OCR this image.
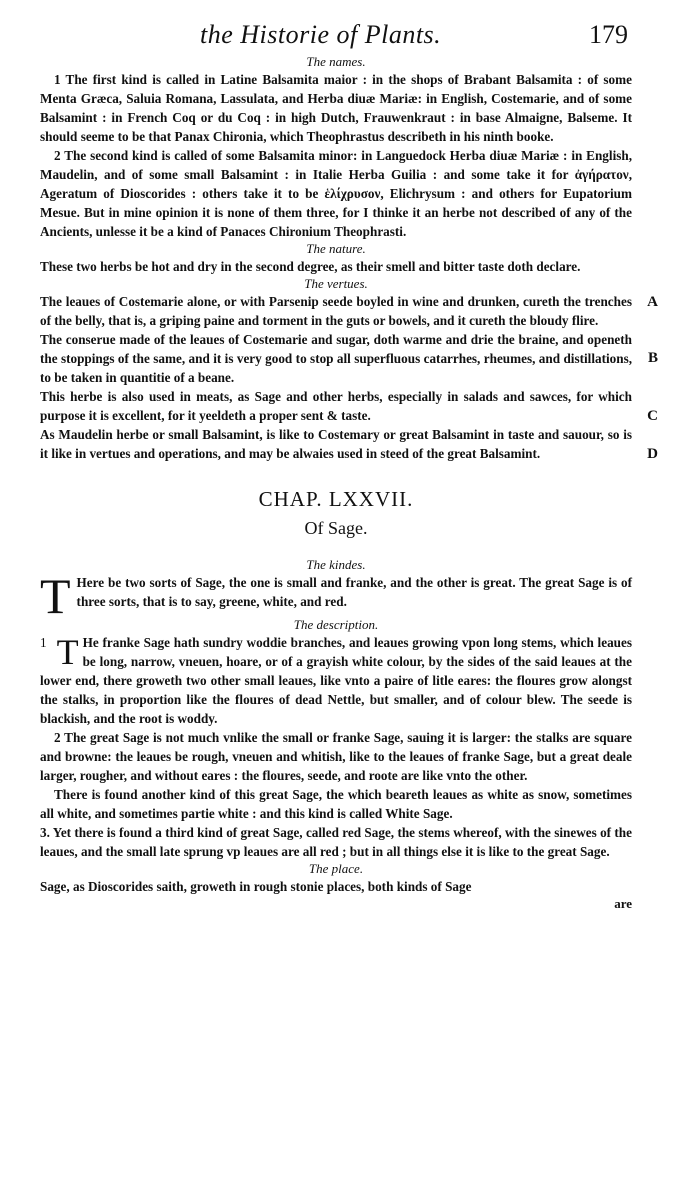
the Historie of Plants.	179
The names.

1 The first kind is called in Latine Balsamita maior : in the shops of Brabant Balsamita : of some Menta Græca, Saluia Romana, Lassulata, and Herba diuæ Mariæ: in English, Costemarie, and of some Balsamint : in French Coq or du Coq : in high Dutch, Frauwenkraut : in base Almaigne, Balseme. It should seeme to be that Panax Chironia, which Theophrastus describeth in his ninth booke.

2 The second kind is called of some Balsamita minor: in Languedock Herba diuæ Mariæ : in English, Maudelin, and of some small Balsamint : in Italie Herba Guilia : and some take it for ἀγήρατον, Ageratum of Dioscorides : others take it to be ἑλίχρυσον, Elichrysum : and others for Eupatorium Mesue. But in mine opinion it is none of them three, for I thinke it an herbe not described of any of the Ancients, unlesse it be a kind of Panaces Chironium Theophrasti.

The nature.

These two herbs be hot and dry in the second degree, as their smell and bitter taste doth declare.

The vertues.
A
B
C
D

The leaues of Costemarie alone, or with Parsenip seede boyled in wine and drunken, cureth the trenches of the belly, that is, a griping paine and torment in the guts or bowels, and it cureth the bloudy flire.

The conserue made of the leaues of Costemarie and sugar, doth warme and drie the braine, and openeth the stoppings of the same, and it is very good to stop all superfluous catarrhes, rheumes, and distillations, to be taken in quantitie of a beane.

This herbe is also used in meats, as Sage and other herbs, especially in salads and sawces, for which purpose it is excellent, for it yeeldeth a proper sent & taste.

As Maudelin herbe or small Balsamint, is like to Costemary or great Balsamint in taste and sauour, so is it like in vertues and operations, and may be alwaies used in steed of the great Balsamint.

CHAP. LXXVII.
Of Sage.
The kindes.

T Here be two sorts of Sage, the one is small and franke, and the other is great. The great Sage is of three sorts, that is to say, greene, white, and red.

The description.

1 T He franke Sage hath sundry woddie branches, and leaues growing vpon long stems, which leaues be long, narrow, vneuen, hoare, or of a grayish white colour, by the sides of the said leaues at the lower end, there groweth two other small leaues, like vnto a paire of litle eares: the floures grow alongst the stalks, in proportion like the floures of dead Nettle, but smaller, and of colour blew. The seede is blackish, and the root is woddy.

2 The great Sage is not much vnlike the small or franke Sage, sauing it is larger: the stalks are square and browne: the leaues be rough, vneuen and whitish, like to the leaues of franke Sage, but a great deale larger, rougher, and without eares : the floures, seede, and roote are like vnto the other.

There is found another kind of this great Sage, the which beareth leaues as white as snow, sometimes all white, and sometimes partie white : and this kind is called White Sage.

3. Yet there is found a third kind of great Sage, called red Sage, the stems whereof, with the sinewes of the leaues, and the small late sprung vp leaues are all red ; but in all things else it is like to the great Sage.

The place.

Sage, as Dioscorides saith, groweth in rough stonie places, both kinds of Sage

are
